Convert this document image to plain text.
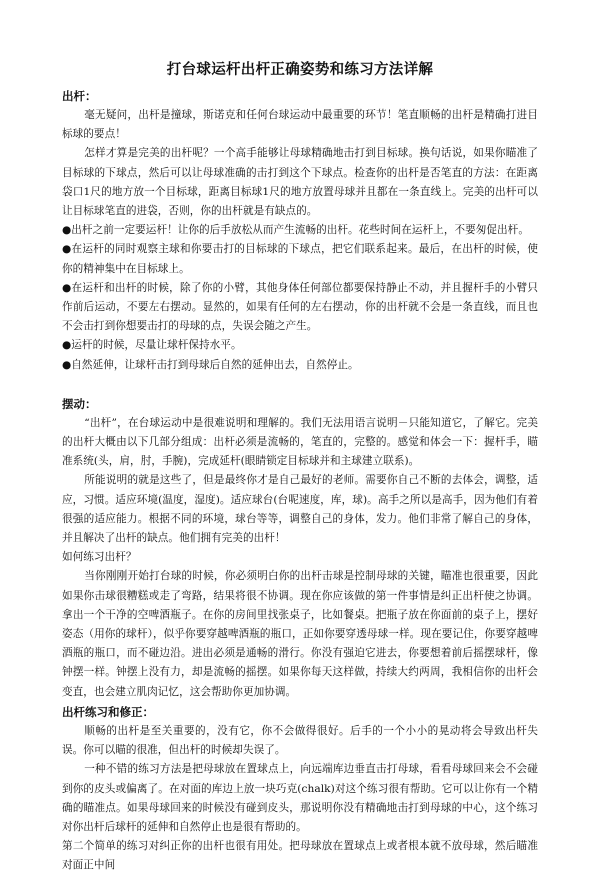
打台球运杆出杆正确姿势和练习方法详解
出杆：

毫无疑问，出杆是撞球，斯诺克和任何台球运动中最重要的环节！笔直顺畅的出杆是精确打进目标球的要点！

怎样才算是完美的出杆呢？一个高手能够让母球精确地击打到目标球。换句话说，如果你瞄准了目标球的下球点，然后可以让母球准确的击打到这个下球点。检查你的出杆是否笔直的方法：在距离袋口1尺的地方放一个目标球，距离目标球1尺的地方放置母球并且都在一条直线上。完美的出杆可以让目标球笔直的进袋，否则，你的出杆就是有缺点的。

●出杆之前一定要运杆！让你的后手放松从而产生流畅的出杆。花些时间在运杆上，不要匆促出杆。

●在运杆的同时观察主球和你要击打的目标球的下球点，把它们联系起来。最后，在出杆的时候，使你的精神集中在目标球上。

●在运杆和出杆的时候，除了你的小臂，其他身体任何部位都要保持静止不动，并且握杆手的小臂只作前后运动，不要左右摆动。显然的，如果有任何的左右摆动，你的出杆就不会是一条直线，而且也不会击打到你想要击打的母球的点，失误会随之产生。

●运杆的时候，尽量让球杆保持水平。

●自然延伸，让球杆击打到母球后自然的延伸出去，自然停止。

摆动：

“出杆”，在台球运动中是很难说明和理解的。我们无法用语言说明－只能知道它，了解它。完美的出杆大概由以下几部分组成：出杆必须是流畅的，笔直的，完整的。感觉和体会一下：握杆手，瞄准系统(头，肩，肘，手腕)，完成延杆(眼睛锁定目标球并和主球建立联系)。

所能说明的就是这些了，但是最终你才是自己最好的老师。需要你自己不断的去体会，调整，适应，习惯。适应环境(温度，湿度)。适应球台(台呢速度，库，球)。高手之所以是高手，因为他们有着很强的适应能力。根据不同的环境，球台等等，调整自己的身体，发力。他们非常了解自己的身体，并且解决了出杆的缺点。他们拥有完美的出杆！

如何练习出杆？

当你刚刚开始打台球的时候，你必须明白你的出杆击球是控制母球的关键，瞄准也很重要，因此如果你击球很糟糕或走了弯路，结果将很不协调。现在你应该做的第一件事情是纠正出杆使之协调。拿出一个干净的空啤酒瓶子。在你的房间里找张桌子，比如餐桌。把瓶子放在你面前的桌子上，摆好姿态（用你的球杆），似乎你要穿越啤酒瓶的瓶口，正如你要穿透母球一样。现在要记住，你要穿越啤酒瓶的瓶口，而不碰边沿。进出必须是通畅的滑行。你没有强迫它进去，你要想着前后摇摆球杆，像钟摆一样。钟摆上没有力，却是流畅的摇摆。如果你每天这样做，持续大约两周，我相信你的出杆会变直，也会建立肌肉记忆，这会帮助你更加协调。

出杆练习和修正：

顺畅的出杆是至关重要的，没有它，你不会做得很好。后手的一个小小的晃动将会导致出杆失误。你可以瞄的很准，但出杆的时候却失误了。

一种不错的练习方法是把母球放在置球点上，向远端库边垂直击打母球，看看母球回来会不会碰到你的皮头或偏离了。在对面的库边上放一块巧克(chalk)对这个练习很有帮助。它可以让你有一个精确的瞄准点。如果母球回来的时候没有碰到皮头，那说明你没有精确地击打到母球的中心，这个练习对你出杆后球杆的延伸和自然停止也是很有帮助的。

第二个简单的练习对纠正你的出杆也很有用处。把母球放在置球点上或者根本就不放母球，然后瞄准对面正中间
